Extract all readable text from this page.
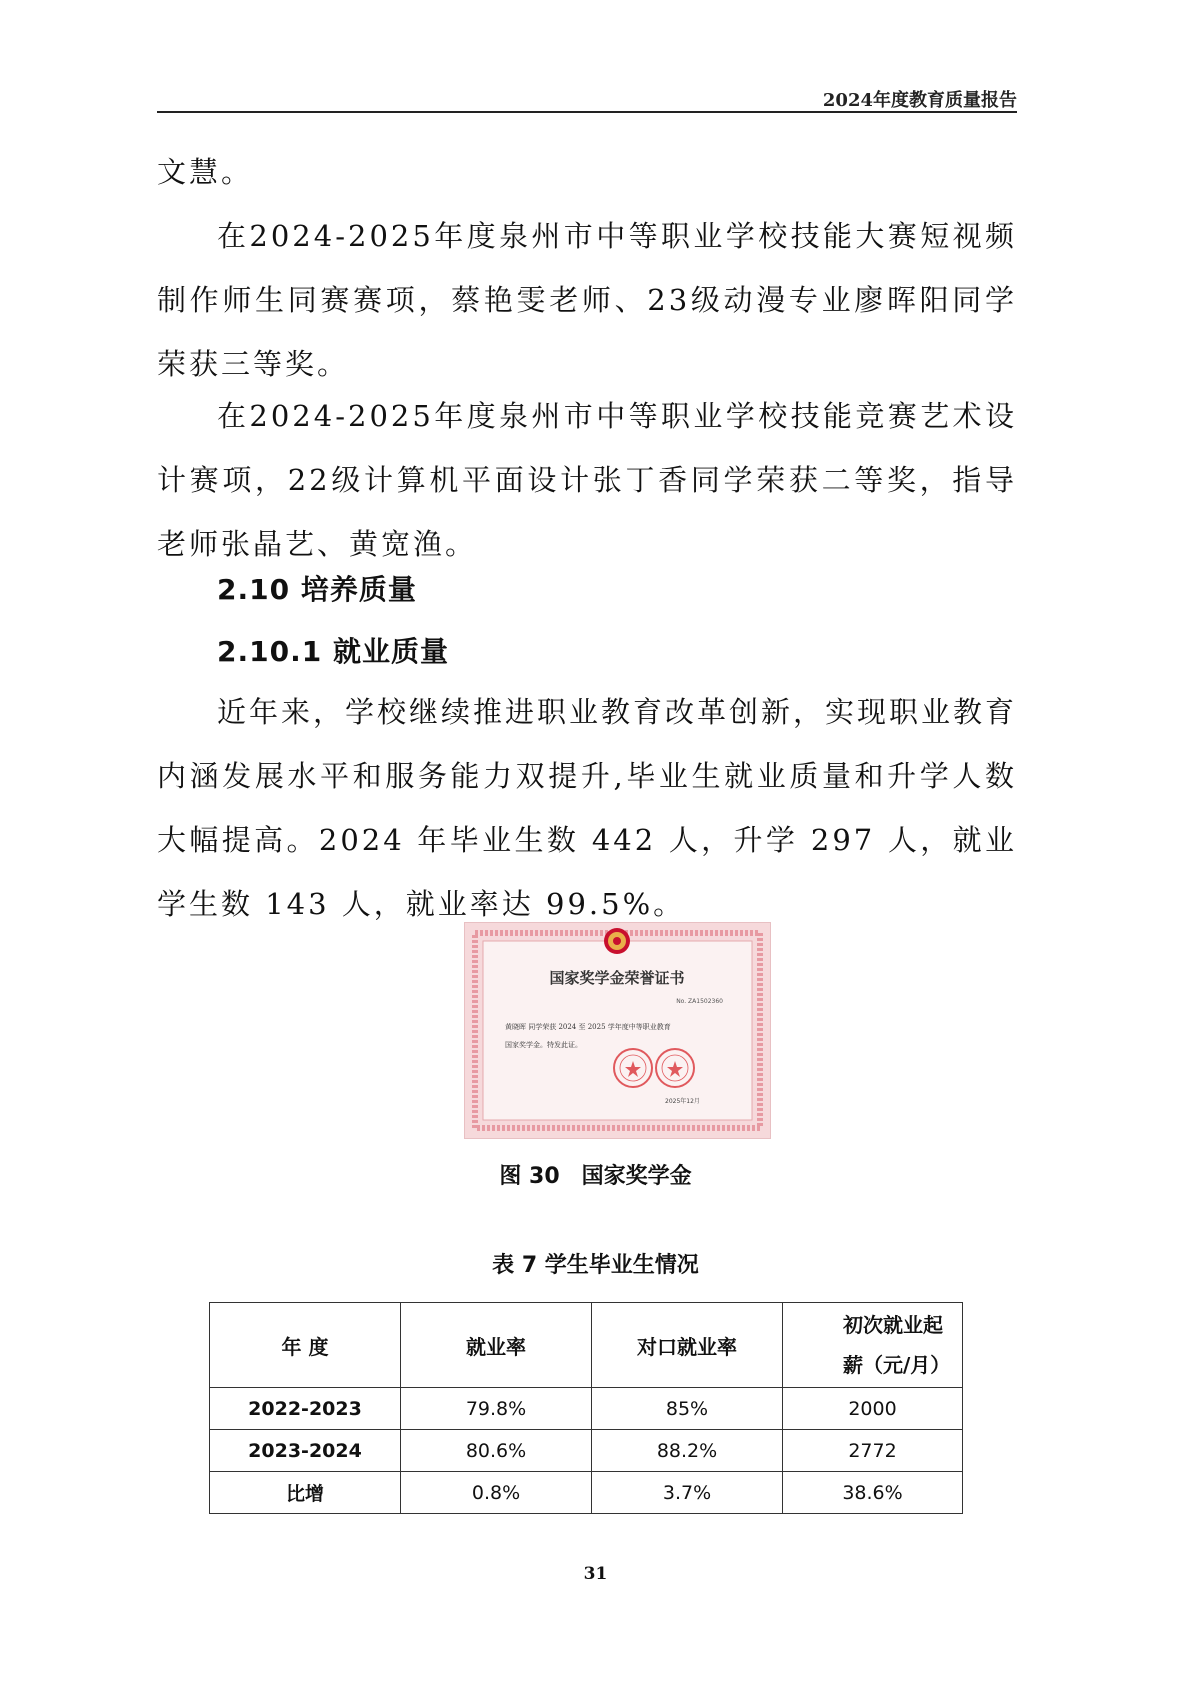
2024年度教育质量报告

文慧。

在2024-2025年度泉州市中等职业学校技能大赛短视频制作师生同赛赛项，蔡艳雯老师、23级动漫专业廖晖阳同学荣获三等奖。

在2024-2025年度泉州市中等职业学校技能竞赛艺术设计赛项，22级计算机平面设计张丁香同学荣获二等奖，指导老师张晶艺、黄宽渔。

2.10 培养质量
2.10.1 就业质量

近年来，学校继续推进职业教育改革创新，实现职业教育内涵发展水平和服务能力双提升,毕业生就业质量和升学人数大幅提高。2024 年毕业生数 442 人，升学 297 人，就业学生数 143 人，就业率达 99.5%。

国家奖学金荣誉证书
No. ZA1502360
黄晓晖 同学荣获 2024 至 2025 学年度中等职业教育
国家奖学金。特发此证。
2025年12月
图 30　国家奖学金
表 7 学生毕业生情况
年 度	就业率	对口就业率	初次就业起
薪（元/月）

2022-2023	79.8%	85%	2000
2023-2024	80.6%	88.2%	2772
比增	0.8%	3.7%	38.6%
31
